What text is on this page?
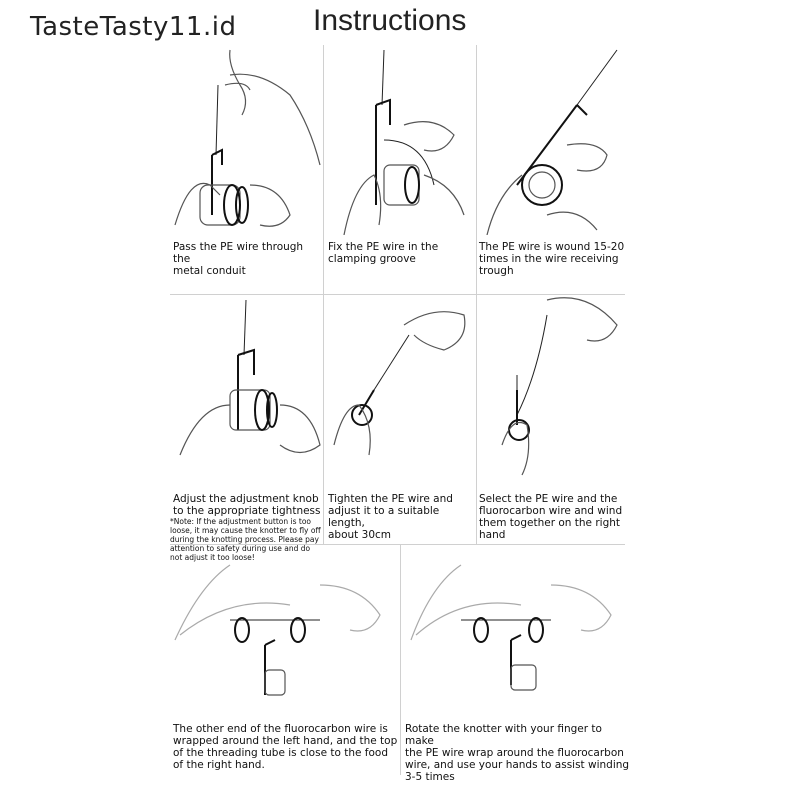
TasteTasty11.id	Instructions
Pass the PE wire through the
metal conduit
Fix the PE wire in the
clamping groove
The PE wire is wound 15-20
times in the wire receiving
trough
Adjust the adjustment knob
to the appropriate tightness
*Note: If the adjustment button is too
loose, it may cause the knotter to fly off
during the knotting process. Please pay
attention to safety during use and do
not adjust it too loose!
Tighten the PE wire and
adjust it to a suitable length,
about 30cm
Select the PE wire and the
fluorocarbon wire and wind
them together on the right
hand
The other end of the fluorocarbon wire is
wrapped around the left hand, and the top
of the threading tube is close to the food
of the right hand.
Rotate the knotter with your finger to make
the PE wire wrap around the fluorocarbon
wire, and use your hands to assist winding
3-5 times
